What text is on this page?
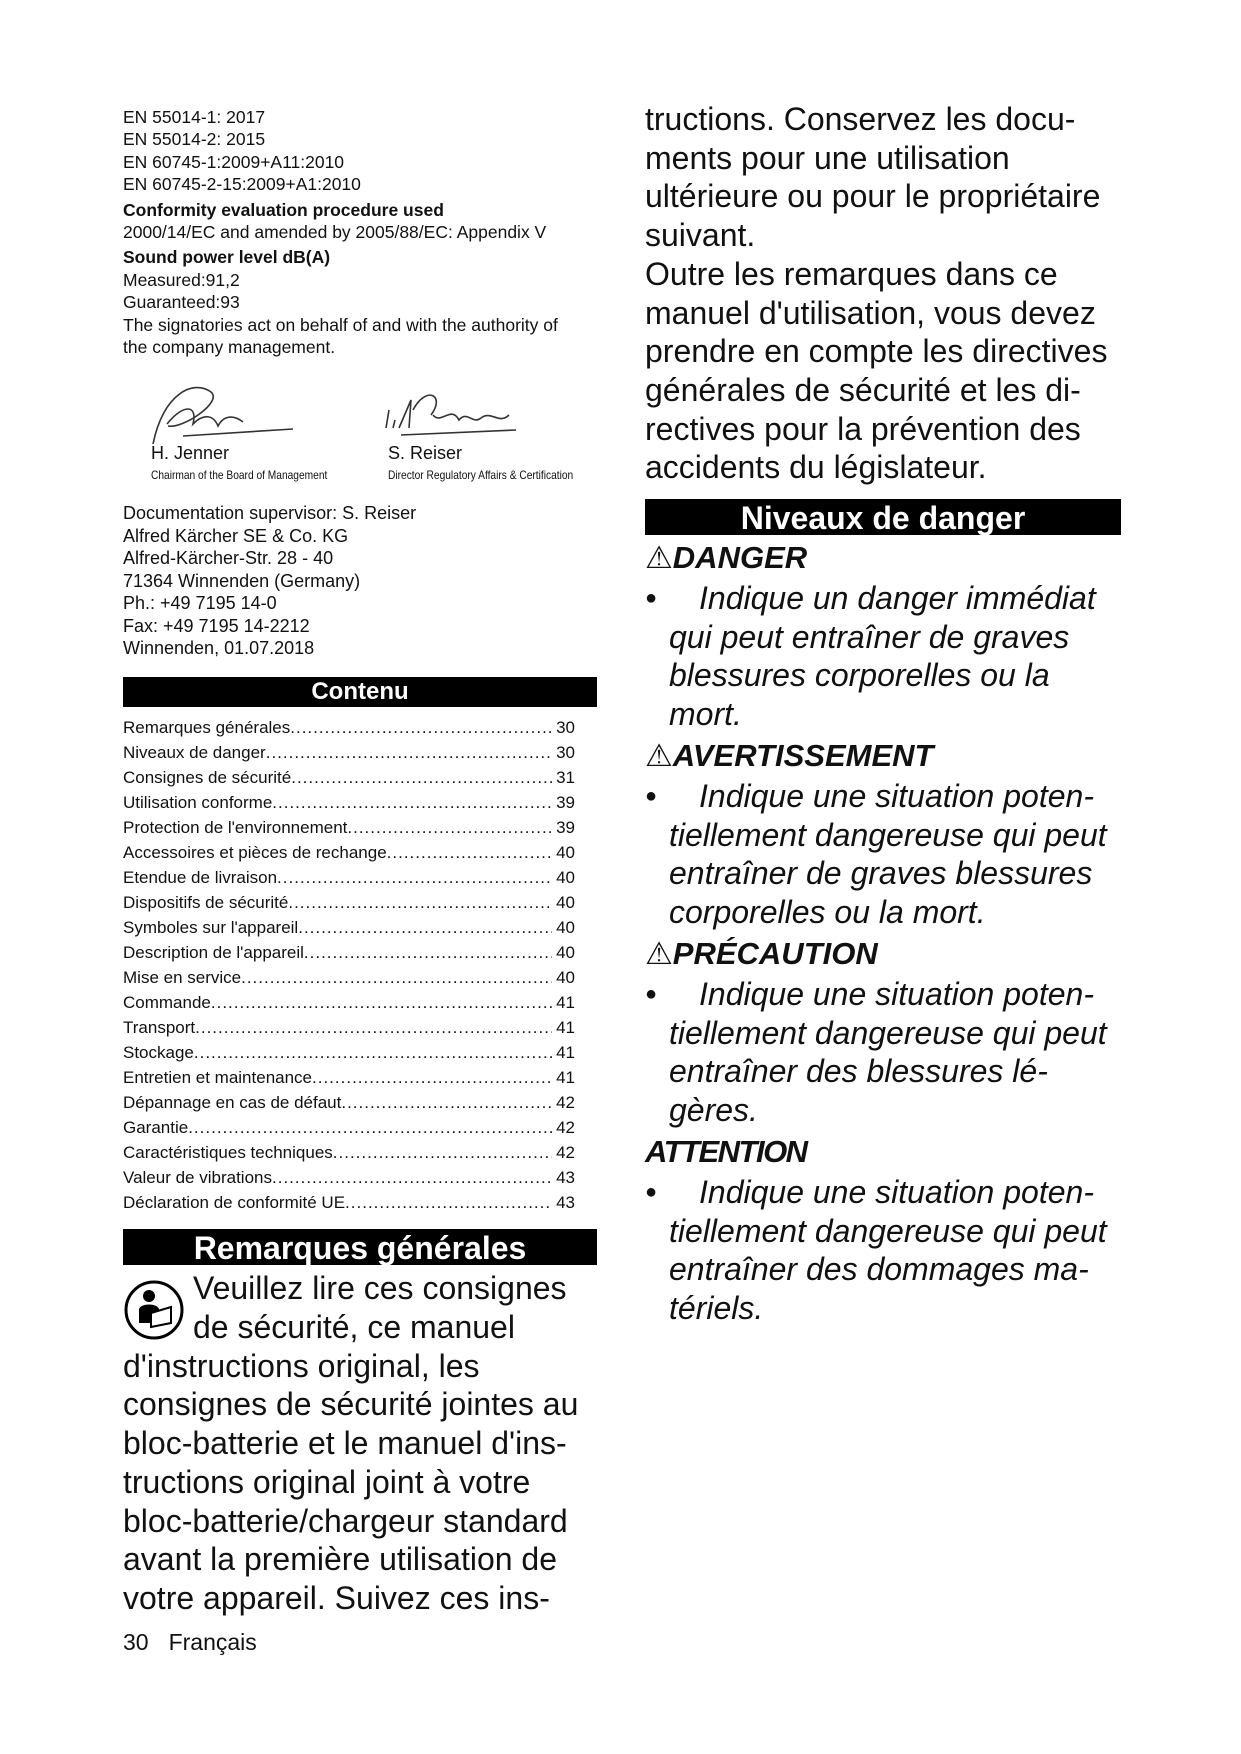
EN 55014-1: 2017

EN 55014-2: 2015

EN 60745-1:2009+A11:2010

EN 60745-2-15:2009+A1:2010

Conformity evaluation procedure used

2000/14/EC and amended by 2005/88/EC: Appendix V

Sound power level dB(A)

Measured:91,2

Guaranteed:93

The signatories act on behalf of and with the authority of

the company management.

H. Jenner
Chairman of the Board of Management
S. Reiser
Director Regulatory Affairs & Certification

Documentation supervisor: S. Reiser

Alfred Kärcher SE & Co. KG

Alfred-Kärcher-Str. 28 - 40

71364 Winnenden (Germany)

Ph.: +49 7195 14-0

Fax: +49 7195 14-2212

Winnenden, 01.07.2018

Contenu
Remarques générales .....	30
Niveaux de danger .....	30
Consignes de sécurité .....	31
Utilisation conforme .....	39
Protection de l'environnement .....	39
Accessoires et pièces de rechange .....	40
Etendue de livraison .....	40
Dispositifs de sécurité .....	40
Symboles sur l'appareil .....	40
Description de l'appareil .....	40
Mise en service .....	40
Commande .....	41
Transport .....	41
Stockage .....	41
Entretien et maintenance .....	41
Dépannage en cas de défaut .....	42
Garantie .....	42
Caractéristiques techniques .....	42
Valeur de vibrations .....	43
Déclaration de conformité UE .....	43
Remarques générales

Veuillez lire ces consignes

de sécurité, ce manuel

d'instructions original, les

consignes de sécurité jointes au

bloc-batterie et le manuel d'ins-

tructions original joint à votre

bloc-batterie/chargeur standard

avant la première utilisation de

votre appareil. Suivez ces ins-

tructions. Conservez les docu-

ments pour une utilisation

ultérieure ou pour le propriétaire

suivant.

Outre les remarques dans ce

manuel d'utilisation, vous devez

prendre en compte les directives

générales de sécurité et les di-

rectives pour la prévention des

accidents du législateur.

Niveaux de danger
⚠DANGER
●	Indique un danger immédiat
qui peut entraîner de graves
blessures corporelles ou la
mort.
⚠AVERTISSEMENT
●	Indique une situation poten-
tiellement dangereuse qui peut
entraîner de graves blessures
corporelles ou la mort.
⚠PRÉCAUTION
●	Indique une situation poten-
tiellement dangereuse qui peut
entraîner des blessures lé-
gères.
ATTENTION
●	Indique une situation poten-
tiellement dangereuse qui peut
entraîner des dommages ma-
tériels.
30 Français
